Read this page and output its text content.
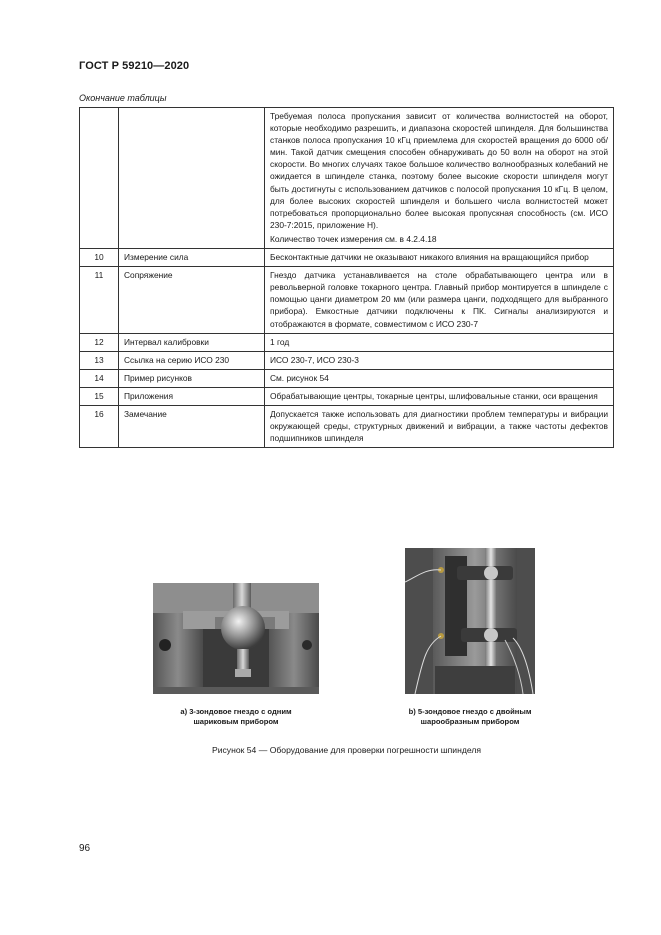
ГОСТ Р 59210—2020
Окончание таблицы

		Требуемая полоса пропускания зависит от количества волнистостей на оборот, которые необходимо разрешить, и диапазона скоростей шпинделя. Для большинства станков полоса пропускания 10 кГц приемлема для скоростей вращения до 6000 об/мин. Такой датчик смещения способен обнаруживать до 50 волн на оборот на этой скорости. Во многих случаях такое большое количество волнообразных колебаний не ожидается в шпинделе станка, поэтому более высокие скорости шпинделя могут быть достигнуты с использованием датчиков с полосой пропускания 10 кГц. В целом, для более высоких скоростей шпинделя и большего числа волнистостей может потребоваться пропорционально более высокая пропускная способность (см. ИСО 230-7:2015, приложение Н).

Количество точек измерения см. в 4.2.4.18

10	Измерение сила	Бесконтактные датчики не оказывают никакого влияния на вращающийся прибор

11	Сопряжение	Гнездо датчика устанавливается на столе обрабатывающего центра или в револьверной головке токарного центра. Главный прибор монтируется в шпинделе с помощью цанги диаметром 20 мм (или размера цанги, подходящего для выбранного прибора). Емкостные датчики подключены к ПК. Сигналы анализируются и отображаются в формате, совместимом с ИСО 230-7

12	Интервал калибровки	1 год

13	Ссылка на серию ИСО 230	ИСО 230-7, ИСО 230-3

14	Пример рисунков	См. рисунок 54

15	Приложения	Обрабатывающие центры, токарные центры, шлифовальные станки, оси вращения

16	Замечание	Допускается также использовать для диагностики проблем температуры и вибрации окружающей среды, структурных движений и вибрации, а также частоты дефектов подшипников шпинделя

а) 3-зондовое гнездо с одним
шариковым прибором
b) 5-зондовое гнездо с двойным
шарообразным прибором
Рисунок 54 — Оборудование для проверки погрешности шпинделя
96
